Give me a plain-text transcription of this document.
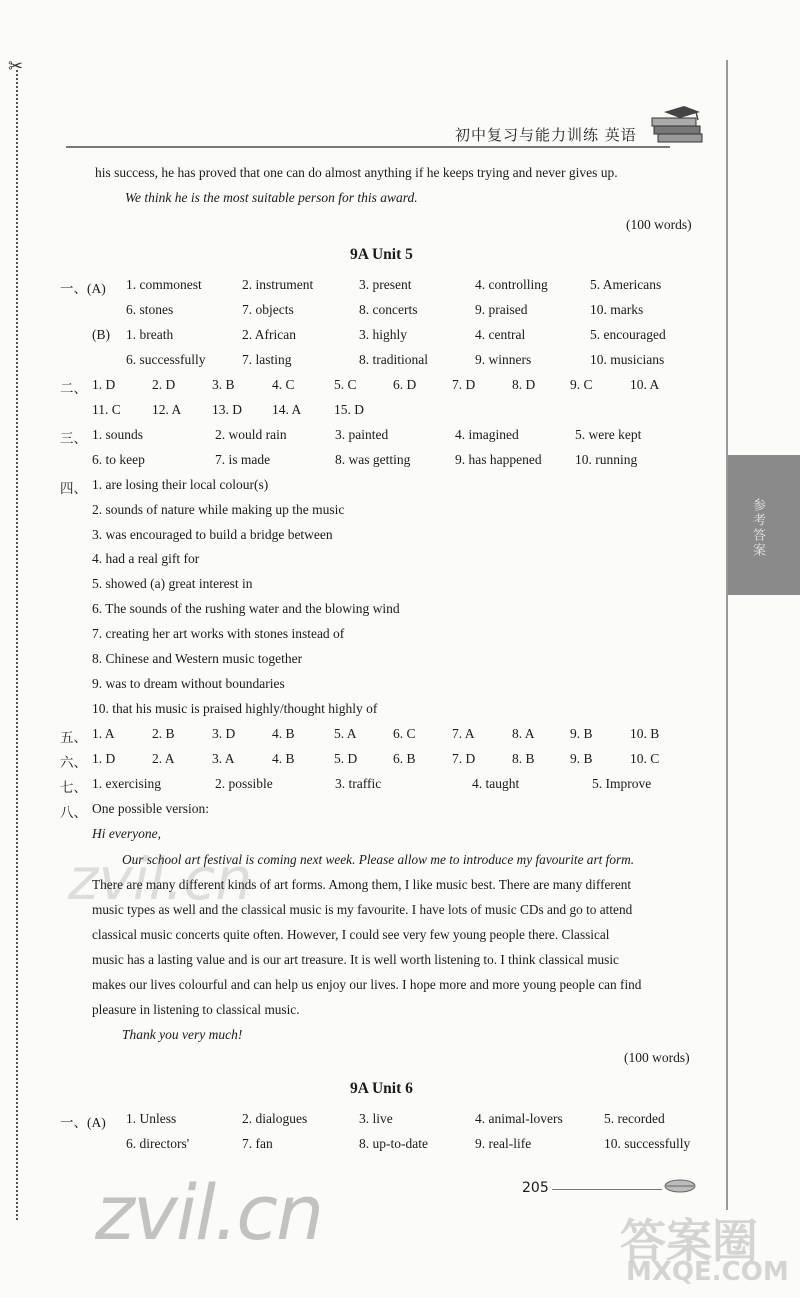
✂
初中复习与能力训练 英语
参考答案
his success, he has proved that one can do almost anything if he keeps trying and never gives up.
We think he is the most suitable person for this award.
(100 words)
9A Unit 5
一、(A) 1. commonest	2. instrument	3. present	4. controlling	5. Americans
6. stones	7. objects	8. concerts	9. praised	10. marks
(B) 1. breath	2. African	3. highly	4. central	5. encouraged
6. successfully	7. lasting	8. traditional	9. winners	10. musicians
二、 1. D	2. D	3. B	4. C	5. C	6. D	7. D	8. D	9. C	10. A
11. C 12. A 13. D 14. A 15. D
三、 1. sounds	2. would rain	3. painted	4. imagined	5. were kept
6. to keep	7. is made	8. was getting	9. has happened 10. running
四、 1. are losing their local colour(s)
2. sounds of nature while making up the music
3. was encouraged to build a bridge between
4. had a real gift for
5. showed (a) great interest in
6. The sounds of the rushing water and the blowing wind
7. creating her art works with stones instead of
8. Chinese and Western music together
9. was to dream without boundaries
10. that his music is praised highly/thought highly of
五、 1. A	2. B	3. D	4. B	5. A	6. C	7. A	8. A	9. B	10. B
六、 1. D	2. A	3. A	4. B	5. D	6. B	7. D	8. B	9. B	10. C
七、 1. exercising	2. possible	3. traffic	4. taught	5. Improve
八、 One possible version:
Hi everyone,
Our school art festival is coming next week. Please allow me to introduce my favourite art form.
There are many different kinds of art forms. Among them, I like music best. There are many different
music types as well and the classical music is my favourite. I have lots of music CDs and go to attend
classical music concerts quite often. However, I could see very few young people there. Classical
music has a lasting value and is our art treasure. It is well worth listening to. I think classical music
makes our lives colourful and can help us enjoy our lives. I hope more and more young people can find
pleasure in listening to classical music.
Thank you very much!
(100 words)
9A Unit 6
一、(A) 1. Unless	2. dialogues	3. live	4. animal-lovers	5. recorded
6. directors'	7. fan	8. up-to-date	9. real-life	10. successfully
205
zvil.cn
zvil.cn	答案圈
MXQE.COM
